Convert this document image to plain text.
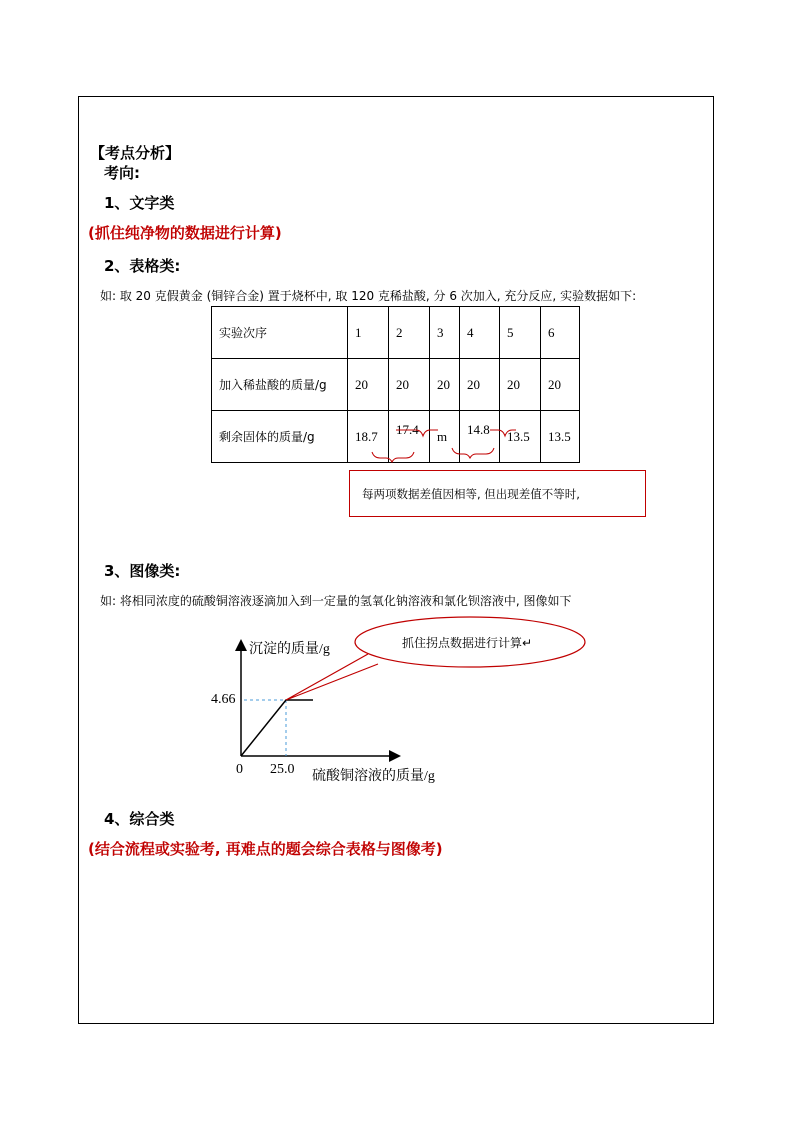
【考点分析】
考向:
1、文字类
(抓住纯净物的数据进行计算)
2、表格类:
如: 取 20 克假黄金 (铜锌合金) 置于烧杯中, 取 120 克稀盐酸, 分 6 次加入, 充分反应, 实验数据如下:
实验次序	1	2	3	4	5	6
加入稀盐酸的质量/g	20	20	20	20	20	20
剩余固体的质量/g	18.7	17.4	m	14.8	13.5	13.5
每两项数据差值因相等, 但出现差值不等时,
3、图像类:
如: 将相同浓度的硫酸铜溶液逐滴加入到一定量的氢氧化钠溶液和氯化钡溶液中, 图像如下
抓住拐点数据进行计算↵
沉淀的质量/g
4.66
0 25.0 硫酸铜溶液的质量/g
4、综合类
(结合流程或实验考, 再难点的题会综合表格与图像考)
